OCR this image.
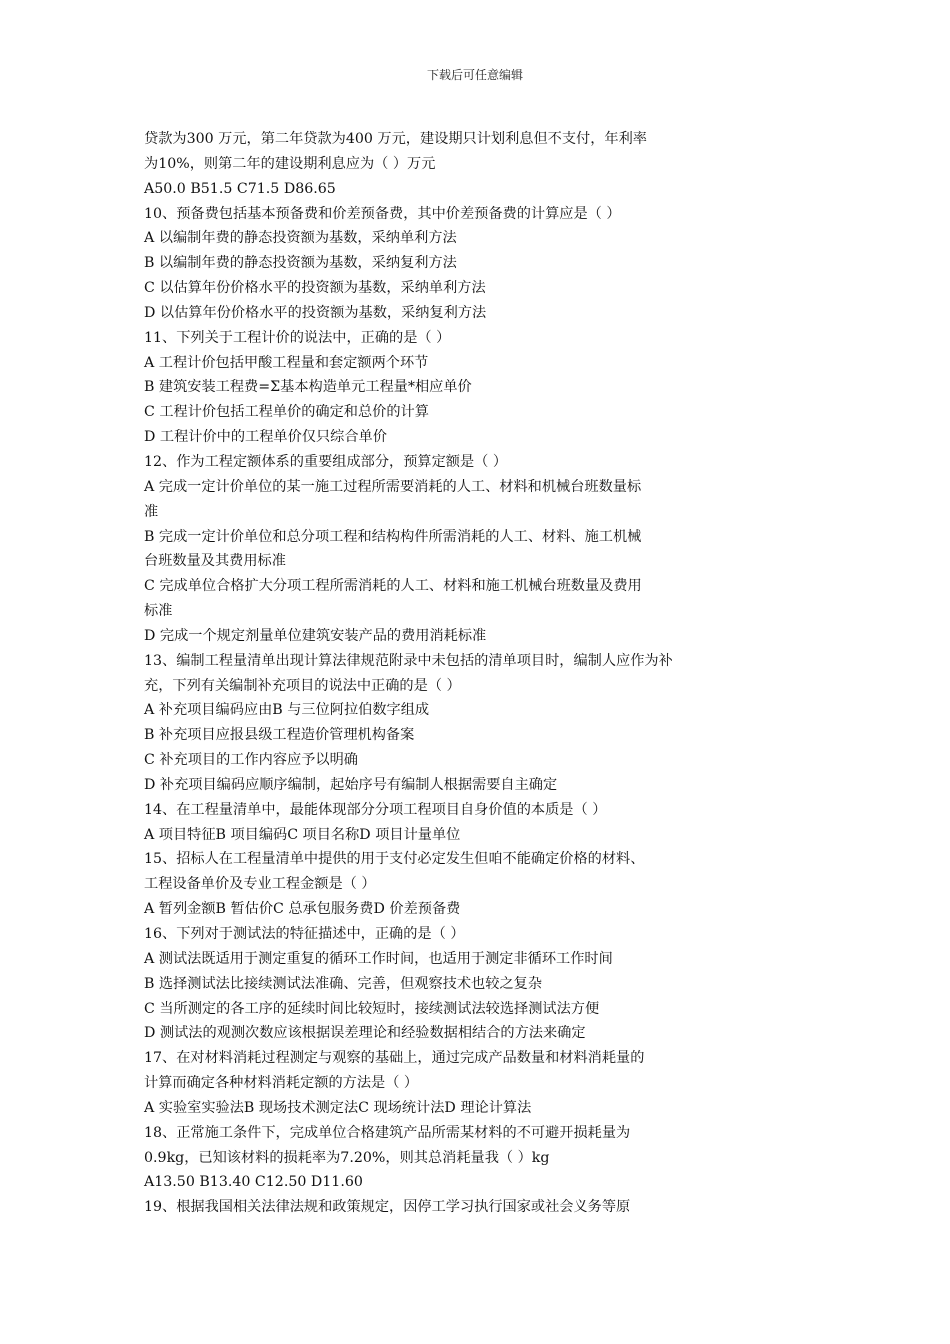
下载后可任意编辑
贷款为300 万元，第二年贷款为400 万元，建设期只计划利息但不支付，年利率
为10%，则第二年的建设期利息应为（ ）万元
A50.0 B51.5 C71.5 D86.65
10、预备费包括基本预备费和价差预备费，其中价差预备费的计算应是（ ）
A 以编制年费的静态投资额为基数，采纳单利方法
B 以编制年费的静态投资额为基数，采纳复利方法
C 以估算年份价格水平的投资额为基数，采纳单利方法
D 以估算年份价格水平的投资额为基数，采纳复利方法
11、下列关于工程计价的说法中，正确的是（ ）
A 工程计价包括甲酸工程量和套定额两个环节
B 建筑安装工程费=Σ基本构造单元工程量*相应单价
C 工程计价包括工程单价的确定和总价的计算
D 工程计价中的工程单价仅只综合单价
12、作为工程定额体系的重要组成部分，预算定额是（ ）
A 完成一定计价单位的某一施工过程所需要消耗的人工、材料和机械台班数量标
准
B 完成一定计价单位和总分项工程和结构构件所需消耗的人工、材料、施工机械
台班数量及其费用标准
C 完成单位合格扩大分项工程所需消耗的人工、材料和施工机械台班数量及费用
标准
D 完成一个规定剂量单位建筑安装产品的费用消耗标准
13、编制工程量清单出现计算法律规范附录中未包括的清单项目时，编制人应作为补
充，下列有关编制补充项目的说法中正确的是（ ）
A 补充项目编码应由B 与三位阿拉伯数字组成
B 补充项目应报县级工程造价管理机构备案
C 补充项目的工作内容应予以明确
D 补充项目编码应顺序编制，起始序号有编制人根据需要自主确定
14、在工程量清单中，最能体现部分分项工程项目自身价值的本质是（ ）
A 项目特征B 项目编码C 项目名称D 项目计量单位
15、招标人在工程量清单中提供的用于支付必定发生但咱不能确定价格的材料、
工程设备单价及专业工程金额是（ ）
A 暂列金额B 暂估价C 总承包服务费D 价差预备费
16、下列对于测试法的特征描述中，正确的是（ ）
A 测试法既适用于测定重复的循环工作时间，也适用于测定非循环工作时间
B 选择测试法比接续测试法准确、完善，但观察技术也较之复杂
C 当所测定的各工序的延续时间比较短时，接续测试法较选择测试法方便
D 测试法的观测次数应该根据误差理论和经验数据相结合的方法来确定
17、在对材料消耗过程测定与观察的基础上，通过完成产品数量和材料消耗量的
计算而确定各种材料消耗定额的方法是（ ）
A 实验室实验法B 现场技术测定法C 现场统计法D 理论计算法
18、正常施工条件下，完成单位合格建筑产品所需某材料的不可避开损耗量为
0.9kg，已知该材料的损耗率为7.20%，则其总消耗量我（ ）kg
A13.50 B13.40 C12.50 D11.60
19、根据我国相关法律法规和政策规定，因停工学习执行国家或社会义务等原
